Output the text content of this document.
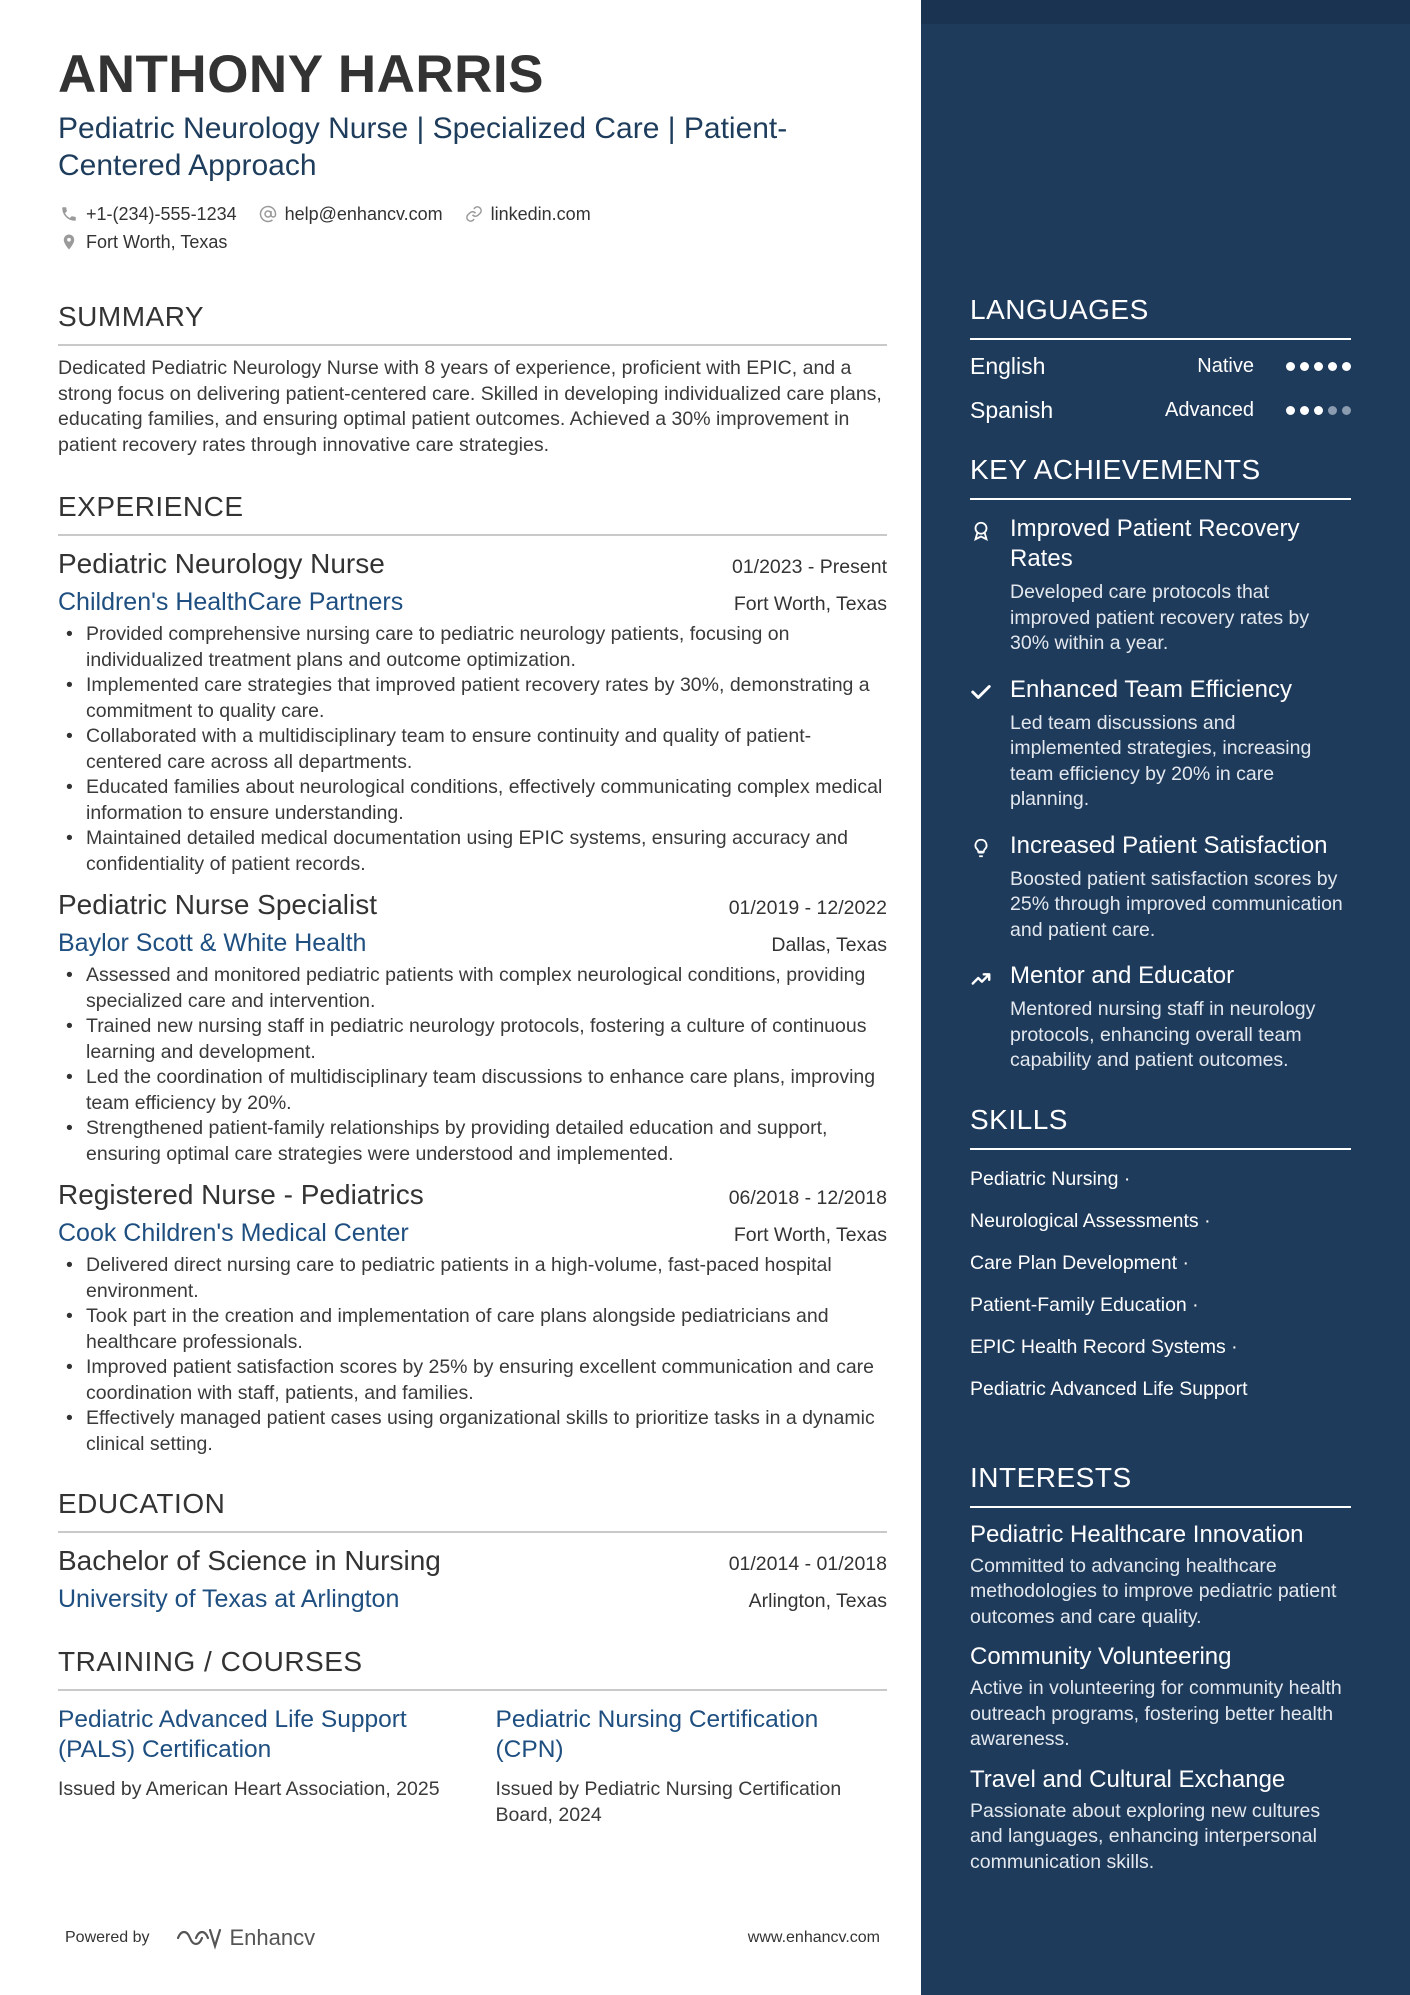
ANTHONY HARRIS
Pediatric Neurology Nurse | Specialized Care | Patient-
Centered Approach
+1-(234)-555-1234	help@enhancv.com	linkedin.com
Fort Worth, Texas
SUMMARY
Dedicated Pediatric Neurology Nurse with 8 years of experience, proficient with EPIC, and a strong focus on delivering patient-centered care. Skilled in developing individualized care plans, educating families, and ensuring optimal patient outcomes. Achieved a 30% improvement in patient recovery rates through innovative care strategies.
EXPERIENCE
Pediatric Neurology Nurse	01/2023 - Present
Children's HealthCare Partners	Fort Worth, Texas
• Provided comprehensive nursing care to pediatric neurology patients, focusing on individualized treatment plans and outcome optimization.
• Implemented care strategies that improved patient recovery rates by 30%, demonstrating a commitment to quality care.
• Collaborated with a multidisciplinary team to ensure continuity and quality of patient-centered care across all departments.
• Educated families about neurological conditions, effectively communicating complex medical information to ensure understanding.
• Maintained detailed medical documentation using EPIC systems, ensuring accuracy and confidentiality of patient records.
Pediatric Nurse Specialist	01/2019 - 12/2022
Baylor Scott & White Health	Dallas, Texas
• Assessed and monitored pediatric patients with complex neurological conditions, providing specialized care and intervention.
• Trained new nursing staff in pediatric neurology protocols, fostering a culture of continuous learning and development.
• Led the coordination of multidisciplinary team discussions to enhance care plans, improving team efficiency by 20%.
• Strengthened patient-family relationships by providing detailed education and support, ensuring optimal care strategies were understood and implemented.
Registered Nurse - Pediatrics	06/2018 - 12/2018
Cook Children's Medical Center	Fort Worth, Texas
• Delivered direct nursing care to pediatric patients in a high-volume, fast-paced hospital environment.
• Took part in the creation and implementation of care plans alongside pediatricians and healthcare professionals.
• Improved patient satisfaction scores by 25% by ensuring excellent communication and care coordination with staff, patients, and families.
• Effectively managed patient cases using organizational skills to prioritize tasks in a dynamic clinical setting.
EDUCATION
Bachelor of Science in Nursing	01/2014 - 01/2018
University of Texas at Arlington	Arlington, Texas
TRAINING / COURSES
Pediatric Advanced Life Support (PALS) Certification
Issued by American Heart Association, 2025
Pediatric Nursing Certification (CPN)
Issued by Pediatric Nursing Certification Board, 2024
Powered by	Enhancv	www.enhancv.com
LANGUAGES
English	Native
Spanish	Advanced
KEY ACHIEVEMENTS
Improved Patient Recovery Rates
Developed care protocols that improved patient recovery rates by 30% within a year.
Enhanced Team Efficiency
Led team discussions and implemented strategies, increasing team efficiency by 20% in care planning.
Increased Patient Satisfaction
Boosted patient satisfaction scores by 25% through improved communication and patient care.
Mentor and Educator
Mentored nursing staff in neurology protocols, enhancing overall team capability and patient outcomes.
SKILLS
Pediatric Nursing ·
Neurological Assessments ·
Care Plan Development ·
Patient-Family Education ·
EPIC Health Record Systems ·
Pediatric Advanced Life Support
INTERESTS
Pediatric Healthcare Innovation
Committed to advancing healthcare methodologies to improve pediatric patient outcomes and care quality.
Community Volunteering
Active in volunteering for community health outreach programs, fostering better health awareness.
Travel and Cultural Exchange
Passionate about exploring new cultures and languages, enhancing interpersonal communication skills.
